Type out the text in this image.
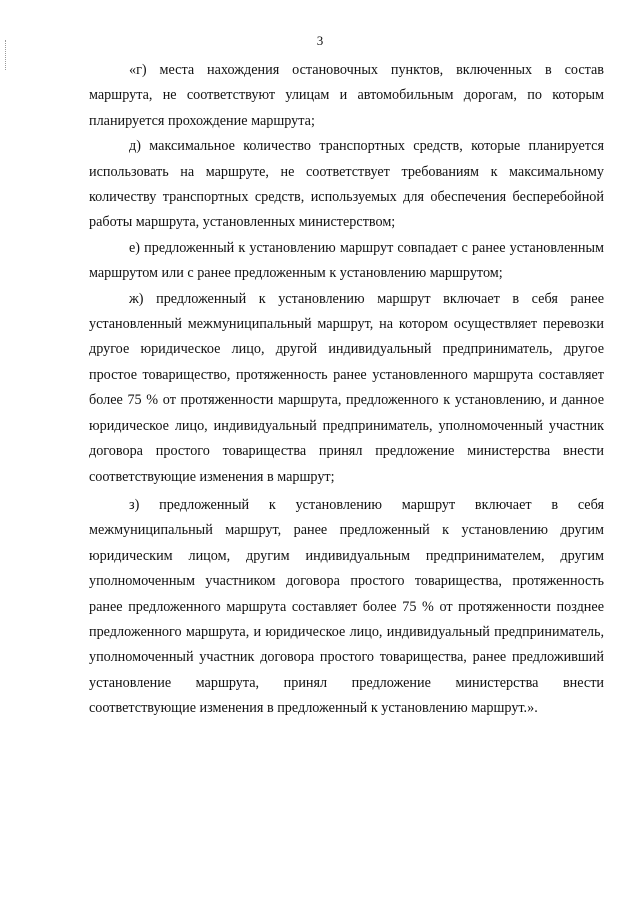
3

«г) места нахождения остановочных пунктов, включенных в состав маршрута, не соответствуют улицам и автомобильным дорогам, по которым планируется прохождение маршрута;

д) максимальное количество транспортных средств, которые планируется использовать на маршруте, не соответствует требованиям к максимальному количеству транспортных средств, используемых для обеспечения бесперебойной работы маршрута, установленных министерством;

е) предложенный к установлению маршрут совпадает с ранее установленным маршрутом или с ранее предложенным к установлению маршрутом;

ж) предложенный к установлению маршрут включает в себя ранее установленный межмуниципальный маршрут, на котором осуществляет перевозки другое юридическое лицо, другой индивидуальный предприниматель, другое простое товарищество, протяженность ранее установленного маршрута составляет более 75 % от протяженности маршрута, предложенного к установлению, и данное юридическое лицо, индивидуальный предприниматель, уполномоченный участник договора простого товарищества принял предложение министерства внести соответствующие изменения в маршрут;

з) предложенный к установлению маршрут включает в себя межмуниципальный маршрут, ранее предложенный к установлению другим юридическим лицом, другим индивидуальным предпринимателем, другим уполномоченным участником договора простого товарищества, протяженность ранее предложенного маршрута составляет более 75 % от протяженности позднее предложенного маршрута, и юридическое лицо, индивидуальный предприниматель, уполномоченный участник договора простого товарищества, ранее предложивший установление маршрута, принял предложение министерства внести соответствующие изменения в предложенный к установлению маршрут.».
